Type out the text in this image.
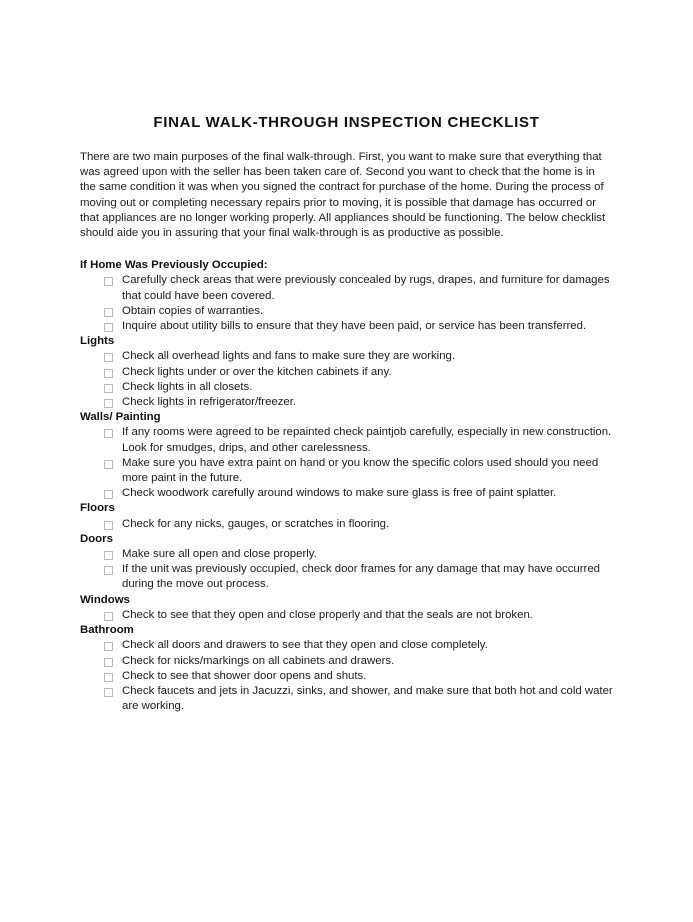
FINAL WALK-THROUGH INSPECTION CHECKLIST

There are two main purposes of the final walk-through. First, you want to make sure that everything that was agreed upon with the seller has been taken care of. Second you want to check that the home is in the same condition it was when you signed the contract for purchase of the home. During the process of moving out or completing necessary repairs prior to moving, it is possible that damage has occurred or that appliances are no longer working properly. All appliances should be functioning. The below checklist should aide you in assuring that your final walk-through is as productive as possible.

If Home Was Previously Occupied:
Carefully check areas that were previously concealed by rugs, drapes, and furniture for damages that could have been covered.
Obtain copies of warranties.
Inquire about utility bills to ensure that they have been paid, or service has been transferred.
Lights
Check all overhead lights and fans to make sure they are working.
Check lights under or over the kitchen cabinets if any.
Check lights in all closets.
Check lights in refrigerator/freezer.
Walls/ Painting
If any rooms were agreed to be repainted check paintjob carefully, especially in new construction. Look for smudges, drips, and other carelessness.
Make sure you have extra paint on hand or you know the specific colors used should you need more paint in the future.
Check woodwork carefully around windows to make sure glass is free of paint splatter.
Floors
Check for any nicks, gauges, or scratches in flooring.
Doors
Make sure all open and close properly.
If the unit was previously occupied, check door frames for any damage that may have occurred during the move out process.
Windows
Check to see that they open and close properly and that the seals are not broken.
Bathroom
Check all doors and drawers to see that they open and close completely.
Check for nicks/markings on all cabinets and drawers.
Check to see that shower door opens and shuts.
Check faucets and jets in Jacuzzi, sinks, and shower, and make sure that both hot and cold water are working.
